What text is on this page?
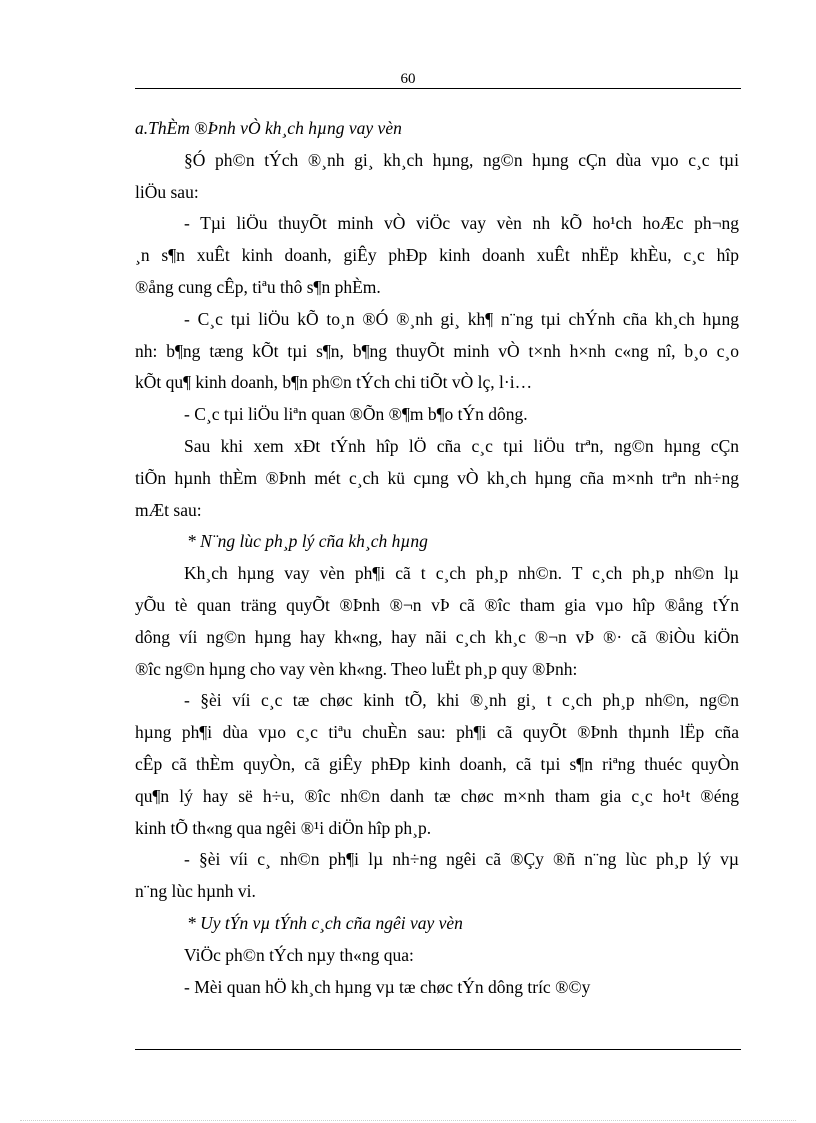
60
a.ThÈm ®Þnh vÒ kh¸ch hµng vay vèn
§Ó ph©n tÝch ®¸nh gi¸ kh¸ch hµng, ng©n hµng cÇn dùa vµo c¸c tµi
liÖu sau:
- Tµi liÖu thuyÕt minh vÒ viÖc vay vèn nh kÕ ho¹ch hoÆc ph¬ng
¸n s¶n xuÊt kinh doanh, giÊy phÐp kinh doanh xuÊt nhËp khÈu, c¸c hîp
®ång cung cÊp, tiªu thô s¶n phÈm.
- C¸c tµi liÖu kÕ to¸n ®Ó ®¸nh gi¸ kh¶ n¨ng tµi chÝnh cña kh¸ch hµng
nh: b¶ng tæng kÕt tµi s¶n, b¶ng thuyÕt minh vÒ t×nh h×nh c«ng nî, b¸o c¸o
kÕt qu¶ kinh doanh, b¶n ph©n tÝch chi tiÕt vÒ lç, l·i…
- C¸c tµi liÖu liªn quan ®Õn ®¶m b¶o tÝn dông.
Sau khi xem xÐt tÝnh hîp lÖ cña c¸c tµi liÖu trªn, ng©n hµng cÇn
tiÕn hµnh thÈm ®Þnh mét c¸ch kü cµng vÒ kh¸ch hµng cña m×nh trªn nh÷ng
mÆt sau:
* N¨ng lùc ph¸p lý cña kh¸ch hµng
Kh¸ch hµng vay vèn ph¶i cã t c¸ch ph¸p nh©n. T c¸ch ph¸p nh©n lµ
yÕu tè quan träng quyÕt ®Þnh ®¬n vÞ cã ®îc tham gia vµo hîp ®ång tÝn
dông víi ng©n hµng hay kh«ng, hay nãi c¸ch kh¸c ®¬n vÞ ®· cã ®iÒu kiÖn
®îc ng©n hµng cho vay vèn kh«ng. Theo luËt ph¸p quy ®Þnh:
- §èi víi c¸c tæ chøc kinh tÕ, khi ®¸nh gi¸ t c¸ch ph¸p nh©n, ng©n
hµng ph¶i dùa vµo c¸c tiªu chuÈn sau: ph¶i cã quyÕt ®Þnh thµnh lËp cña
cÊp cã thÈm quyÒn, cã giÊy phÐp kinh doanh, cã tµi s¶n riªng thuéc quyÒn
qu¶n lý hay së h÷u, ®îc nh©n danh tæ chøc m×nh tham gia c¸c ho¹t ®éng
kinh tÕ th«ng qua ngêi ®¹i diÖn hîp ph¸p.
- §èi víi c¸ nh©n ph¶i lµ nh÷ng ngêi cã ®Çy ®ñ n¨ng lùc ph¸p lý vµ
n¨ng lùc hµnh vi.
* Uy tÝn vµ tÝnh c¸ch cña ngêi vay vèn
ViÖc ph©n tÝch nµy th«ng qua:
- Mèi quan hÖ kh¸ch hµng vµ tæ chøc tÝn dông tríc ®©y
